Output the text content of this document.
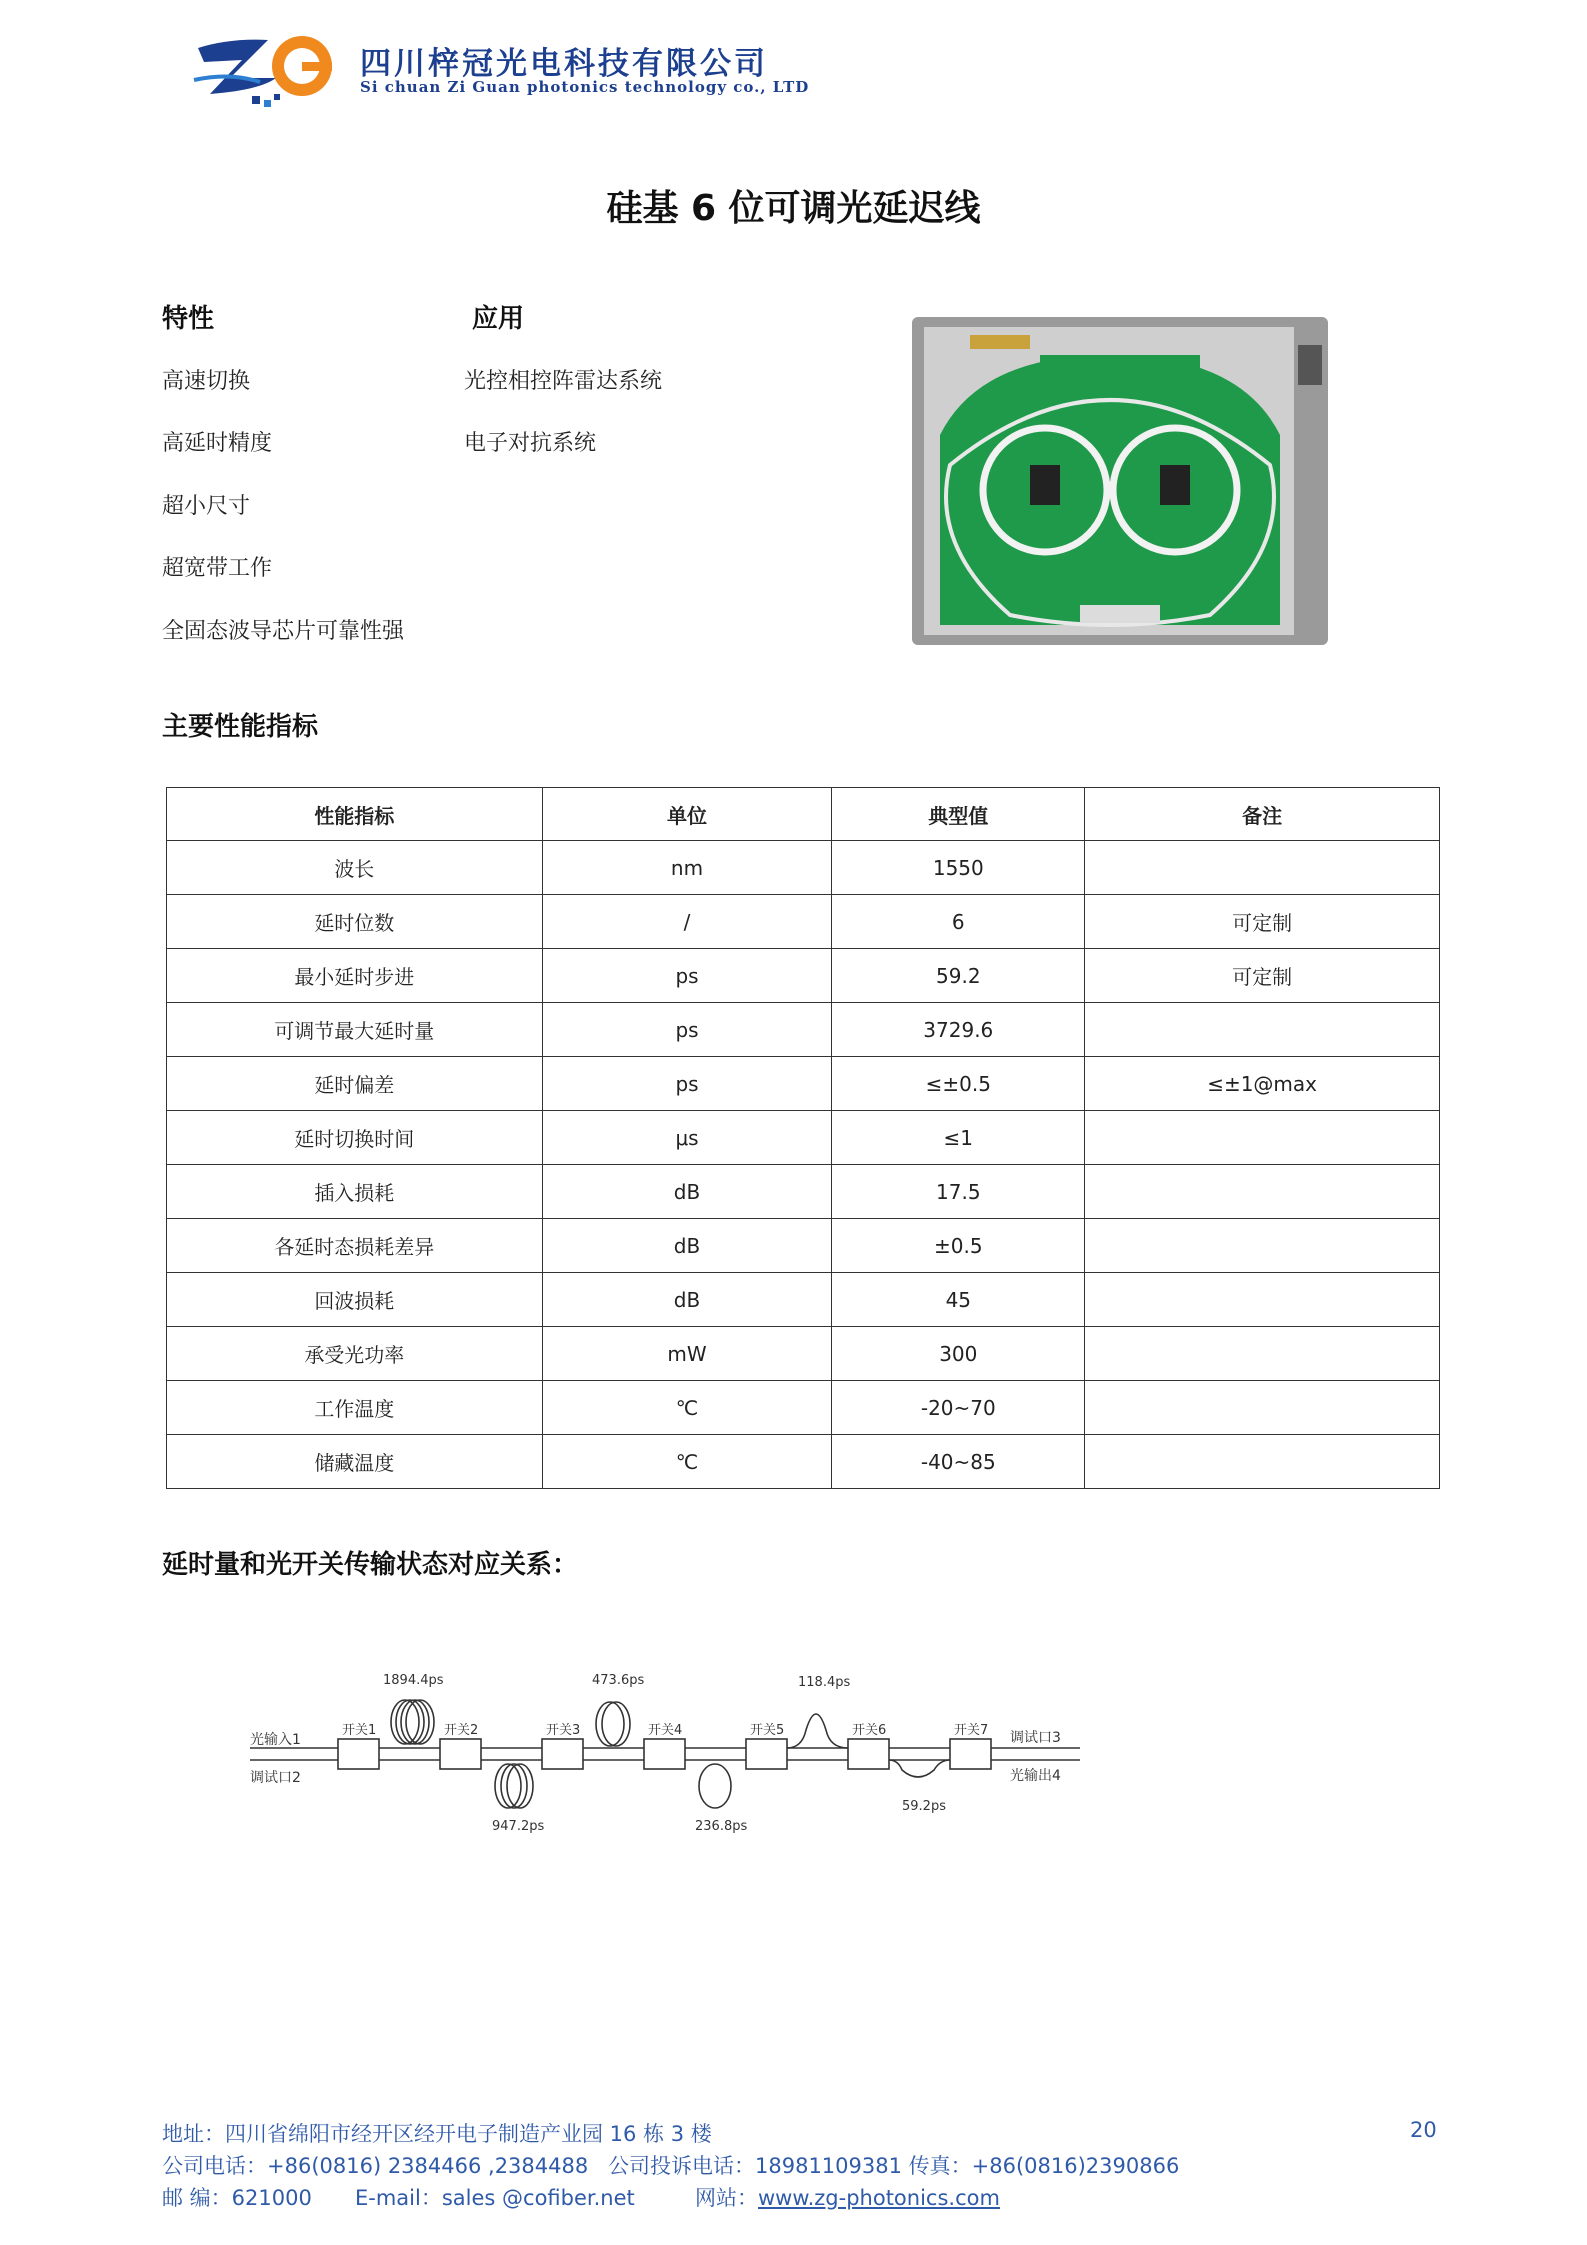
四川梓冠光电科技有限公司
Si chuan Zi Guan photonics technology co., LTD
硅基 6 位可调光延迟线
特性	应用
高速切换
高延时精度
超小尺寸
超宽带工作
全固态波导芯片可靠性强
光控相控阵雷达系统
电子对抗系统
主要性能指标
性能指标	单位	典型值	备注
波长	nm	1550	
延时位数	/	6	可定制
最小延时步进	ps	59.2	可定制
可调节最大延时量	ps	3729.6	
延时偏差	ps	≤±0.5	≤±1@max
延时切换时间	μs	≤1	
插入损耗	dB	17.5	
各延时态损耗差异	dB	±0.5	
回波损耗	dB	45	
承受光功率	mW	300	
工作温度	℃	-20~70	
储藏温度	℃	-40~85	
延时量和光开关传输状态对应关系：
光输入1
调试口2
调试口3
光输出4
开关1	开关2	开关3	开关4	开关5	开关6	开关7
1894.4ps
947.2ps
473.6ps
236.8ps
118.4ps
59.2ps
地址：四川省绵阳市经开区经开电子制造产业园 16 栋 3 楼	20
公司电话：+86(0816) 2384466 ,2384488 公司投诉电话：18981109381 传真：+86(0816)2390866
邮 编：621000 E-mail：sales @cofiber.net	网站：www.zg-photonics.com
